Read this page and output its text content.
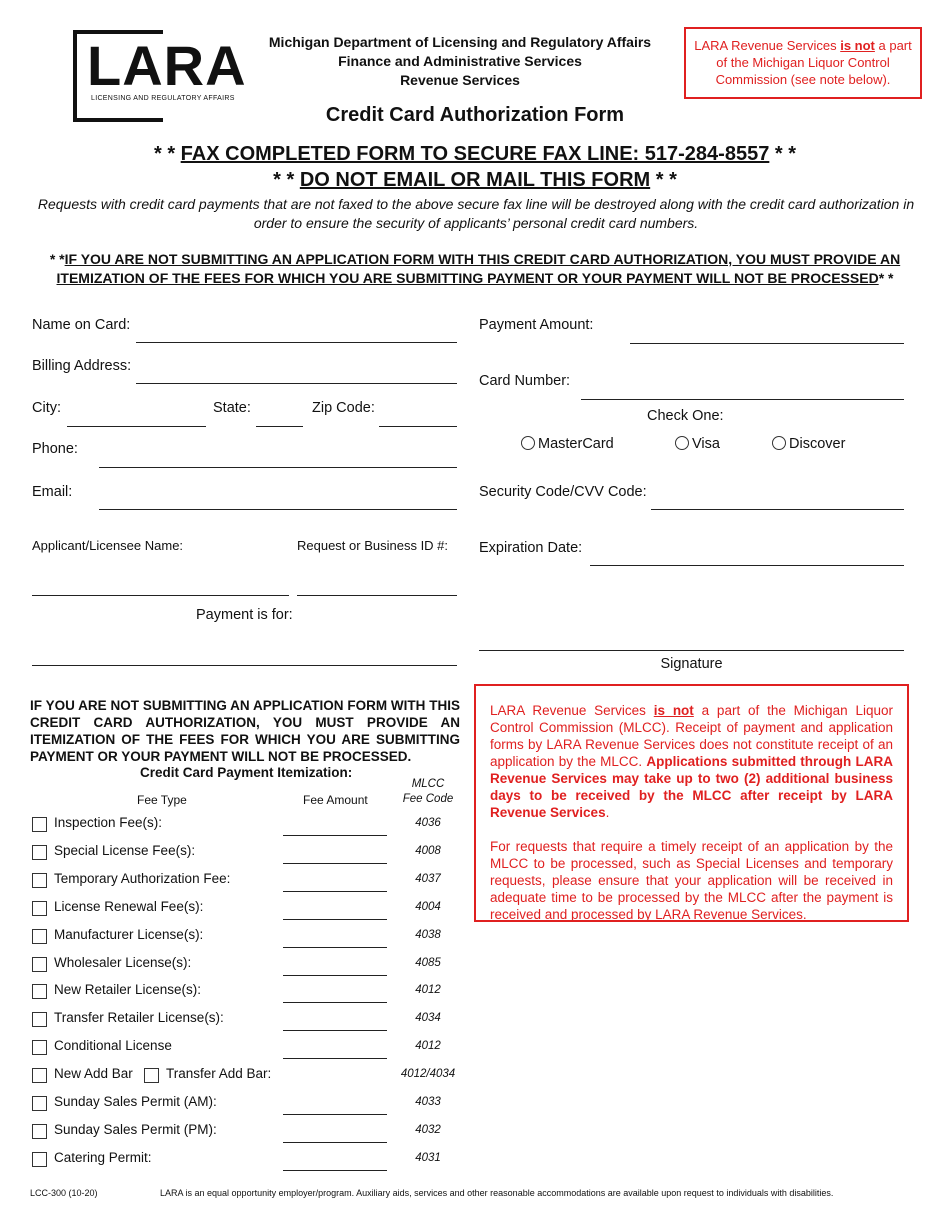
LARA
LICENSING AND REGULATORY AFFAIRS
Michigan Department of Licensing and Regulatory Affairs
Finance and Administrative Services
Revenue Services
LARA Revenue Services is not a part of the Michigan Liquor Control Commission (see note below).
Credit Card Authorization Form
* * FAX COMPLETED FORM TO SECURE FAX LINE: 517-284-8557 * *
* * DO NOT EMAIL OR MAIL THIS FORM * *
Requests with credit card payments that are not faxed to the above secure fax line will be destroyed along with the credit card authorization in order to ensure the security of applicants’ personal credit card numbers.
* *IF YOU ARE NOT SUBMITTING AN APPLICATION FORM WITH THIS CREDIT CARD AUTHORIZATION, YOU MUST PROVIDE AN ITEMIZATION OF THE FEES FOR WHICH YOU ARE SUBMITTING PAYMENT OR YOUR PAYMENT WILL NOT BE PROCESSED* *
Name on Card:
Billing Address:
City:	State:	Zip Code:
Phone:
Email:
Applicant/Licensee Name:	Request or Business ID #:
Payment is for:
Payment Amount:
Card Number:
Check One:
MasterCard	Visa	Discover
Security Code/CVV Code:
Expiration Date:
Signature

LARA Revenue Services is not a part of the Michigan Liquor Control Commission (MLCC). Receipt of payment and application forms by LARA Revenue Services does not constitute receipt of an application by the MLCC. Applications submitted through LARA Revenue Services may take up to two (2) additional business days to be received by the MLCC after receipt by LARA Revenue Services.

For requests that require a timely receipt of an application by the MLCC to be processed, such as Special Licenses and temporary requests, please ensure that your application will be received in adequate time to be processed by the MLCC after the payment is received and processed by LARA Revenue Services.

IF YOU ARE NOT SUBMITTING AN APPLICATION FORM WITH THIS CREDIT CARD AUTHORIZATION, YOU MUST PROVIDE AN ITEMIZATION OF THE FEES FOR WHICH YOU ARE SUBMITTING PAYMENT OR YOUR PAYMENT WILL NOT BE PROCESSED.
Credit Card Payment Itemization:
Fee Type	Fee Amount
MLCC
Fee Code
Inspection Fee(s):	4036
Special License Fee(s):	4008
Temporary Authorization Fee:	4037
License Renewal Fee(s):	4004
Manufacturer License(s):	4038
Wholesaler License(s):	4085
New Retailer License(s):	4012
Transfer Retailer License(s):	4034
Conditional License	4012
New Add Bar Transfer Add Bar:	4012/4034
Sunday Sales Permit (AM):	4033
Sunday Sales Permit (PM):	4032
Catering Permit:	4031
LCC-300 (10-20)	LARA is an equal opportunity employer/program. Auxiliary aids, services and other reasonable accommodations are available upon request to individuals with disabilities.
